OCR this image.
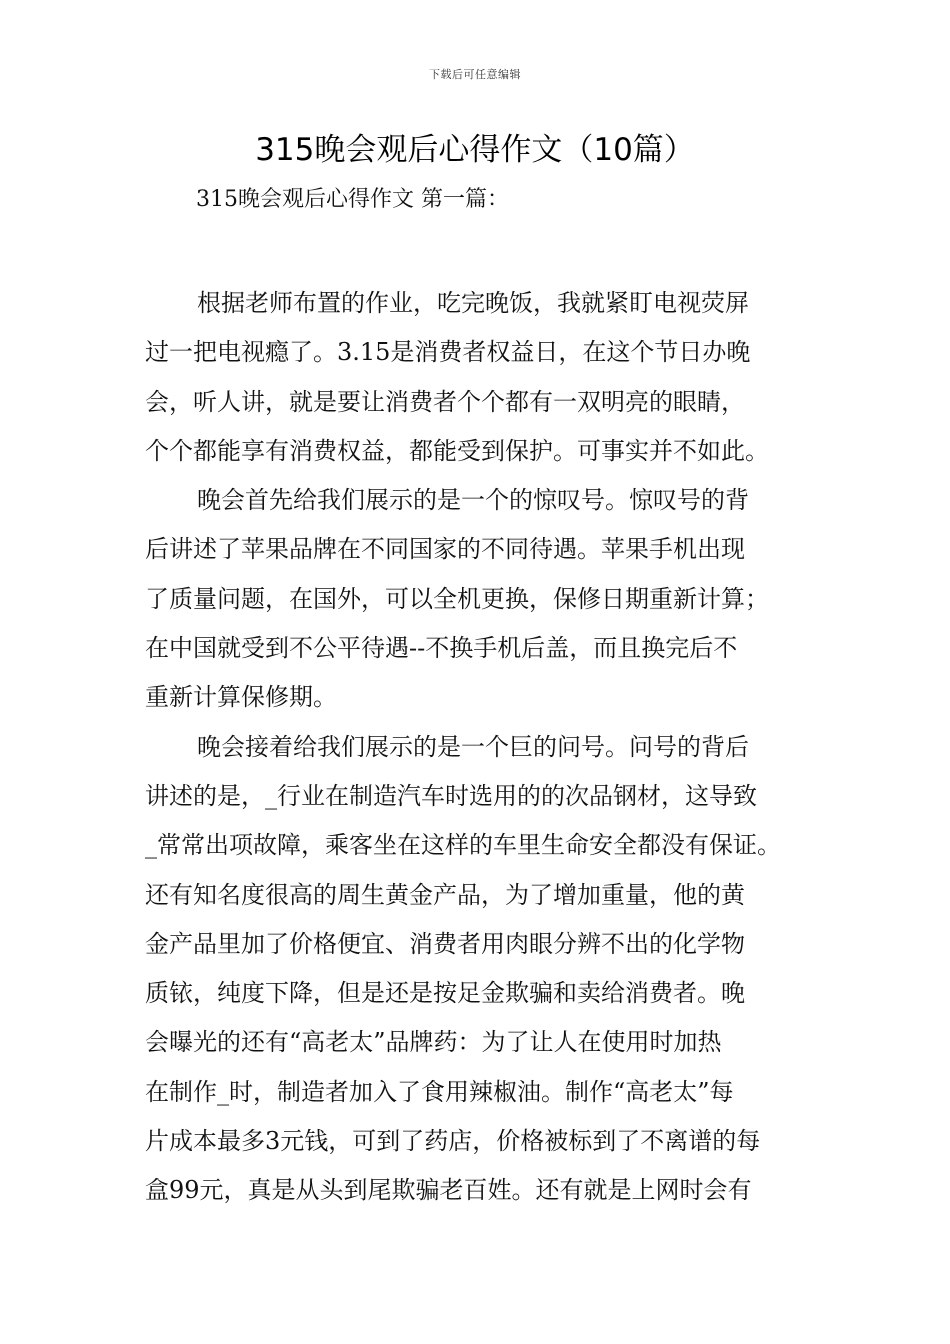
下载后可任意编辑
315晚会观后心得作文（10篇）
315晚会观后心得作文 第一篇：

根据老师布置的作业，吃完晚饭，我就紧盯电视荧屏
过一把电视瘾了。3.15是消费者权益日，在这个节日办晚
会，听人讲，就是要让消费者个个都有一双明亮的眼睛，
个个都能享有消费权益，都能受到保护。可事实并不如此。

晚会首先给我们展示的是一个的惊叹号。惊叹号的背
后讲述了苹果品牌在不同国家的不同待遇。苹果手机出现
了质量问题，在国外，可以全机更换，保修日期重新计算；
在中国就受到不公平待遇--不换手机后盖，而且换完后不
重新计算保修期。

晚会接着给我们展示的是一个巨的问号。问号的背后
讲述的是，_行业在制造汽车时选用的的次品钢材，这导致
_常常出项故障，乘客坐在这样的车里生命安全都没有保证。
还有知名度很高的周生黄金产品，为了增加重量，他的黄
金产品里加了价格便宜、消费者用肉眼分辨不出的化学物
质铱，纯度下降，但是还是按足金欺骗和卖给消费者。晚
会曝光的还有“高老太”品牌药：为了让人在使用时加热
在制作_时，制造者加入了食用辣椒油。制作“高老太”每
片成本最多3元钱，可到了药店，价格被标到了不离谱的每
盒99元，真是从头到尾欺骗老百姓。还有就是上网时会有
